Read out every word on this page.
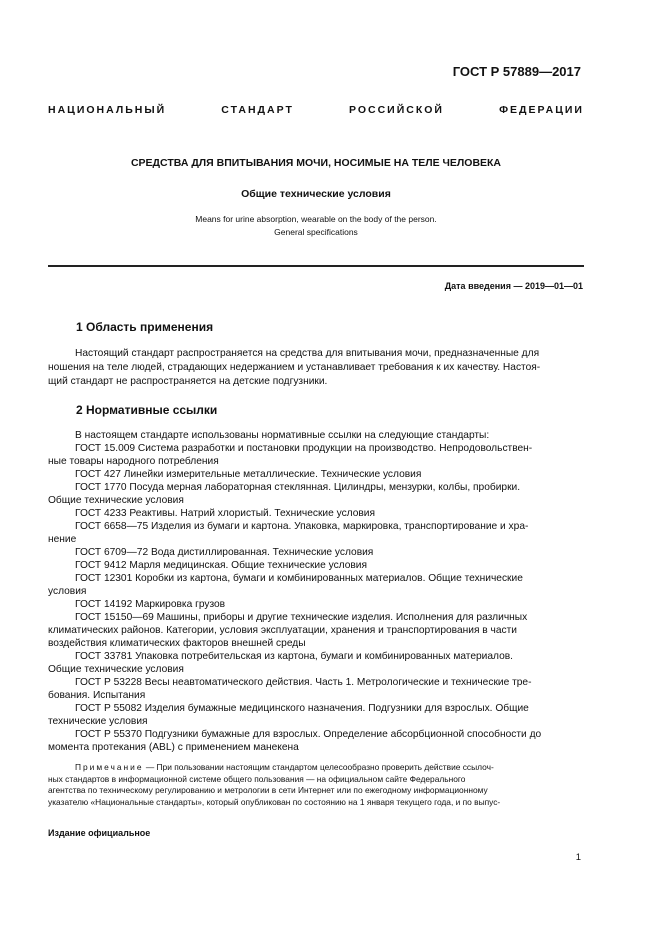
ГОСТ Р 57889—2017
НАЦИОНАЛЬНЫЙ	СТАНДАРТ	РОССИЙСКОЙ	ФЕДЕРАЦИИ
СРЕДСТВА ДЛЯ ВПИТЫВАНИЯ МОЧИ, НОСИМЫЕ НА ТЕЛЕ ЧЕЛОВЕКА
Общие технические условия
Means for urine absorption, wearable on the body of the person.
General specifications
Дата введения — 2019—01—01
1 Область применения
Настоящий стандарт распространяется на средства для впитывания мочи, предназначенные для
ношения на теле людей, страдающих недержанием и устанавливает требования к их качеству. Настоя-
щий стандарт не распространяется на детские подгузники.
2 Нормативные ссылки
В настоящем стандарте использованы нормативные ссылки на следующие стандарты:
ГОСТ 15.009 Система разработки и постановки продукции на производство. Непродовольствен-
ные товары народного потребления
ГОСТ 427 Линейки измерительные металлические. Технические условия
ГОСТ 1770 Посуда мерная лабораторная стеклянная. Цилиндры, мензурки, колбы, пробирки.
Общие технические условия
ГОСТ 4233 Реактивы. Натрий хлористый. Технические условия
ГОСТ 6658—75 Изделия из бумаги и картона. Упаковка, маркировка, транспортирование и хра-
нение
ГОСТ 6709—72 Вода дистиллированная. Технические условия
ГОСТ 9412 Марля медицинская. Общие технические условия
ГОСТ 12301 Коробки из картона, бумаги и комбинированных материалов. Общие технические
условия
ГОСТ 14192 Маркировка грузов
ГОСТ 15150—69 Машины, приборы и другие технические изделия. Исполнения для различных
климатических районов. Категории, условия эксплуатации, хранения и транспортирования в части
воздействия климатических факторов внешней среды
ГОСТ 33781 Упаковка потребительская из картона, бумаги и комбинированных материалов.
Общие технические условия
ГОСТ Р 53228 Весы неавтоматического действия. Часть 1. Метрологические и технические тре-
бования. Испытания
ГОСТ Р 55082 Изделия бумажные медицинского назначения. Подгузники для взрослых. Общие
технические условия
ГОСТ Р 55370 Подгузники бумажные для взрослых. Определение абсорбционной способности до
момента протекания (ABL) с применением манекена
Примечание — При пользовании настоящим стандартом целесообразно проверить действие ссылоч-
ных стандартов в информационной системе общего пользования — на официальном сайте Федерального
агентства по техническому регулированию и метрологии в сети Интернет или по ежегодному информационному
указателю «Национальные стандарты», который опубликован по состоянию на 1 января текущего года, и по выпус-
Издание официальное
1
